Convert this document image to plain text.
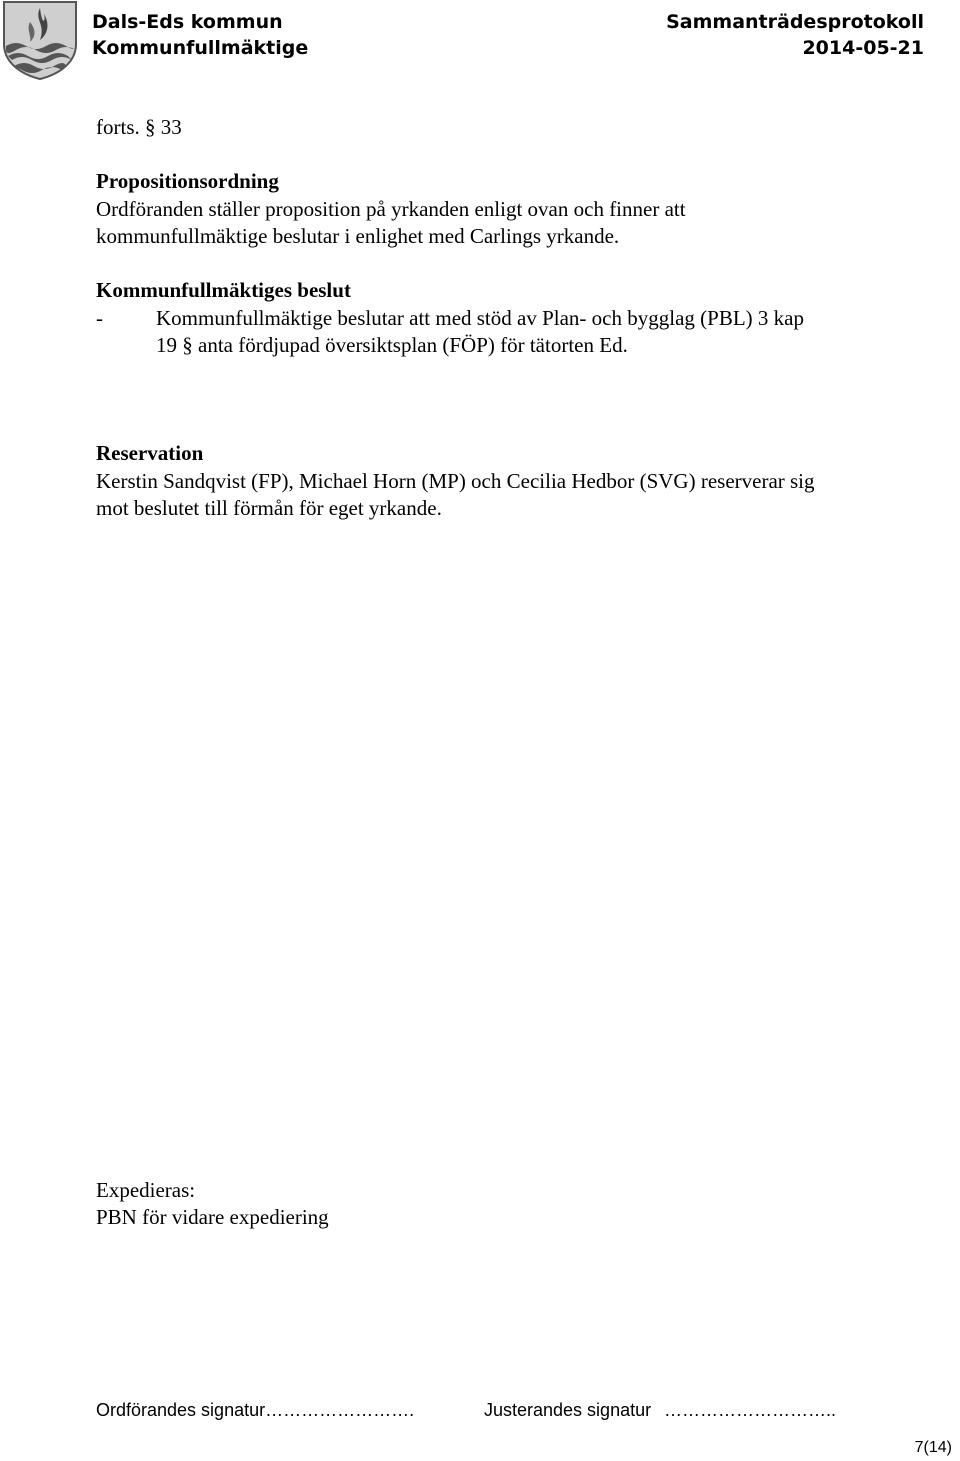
Dals-Eds kommun
Kommunfullmäktige
Sammanträdesprotokoll
2014-05-21
forts. § 33
Propositionsordning
Ordföranden ställer proposition på yrkanden enligt ovan och finner att
kommunfullmäktige beslutar i enlighet med Carlings yrkande.
Kommunfullmäktiges beslut
-	Kommunfullmäktige beslutar att med stöd av Plan- och bygglag (PBL) 3 kap
19 § anta fördjupad översiktsplan (FÖP) för tätorten Ed.
Reservation
Kerstin Sandqvist (FP), Michael Horn (MP) och Cecilia Hedbor (SVG) reserverar sig
mot beslutet till förmån för eget yrkande.
Expedieras:
PBN för vidare expediering
Ordförandes signatur…………………….	Justerandes signatur ………………………..
7(14)
